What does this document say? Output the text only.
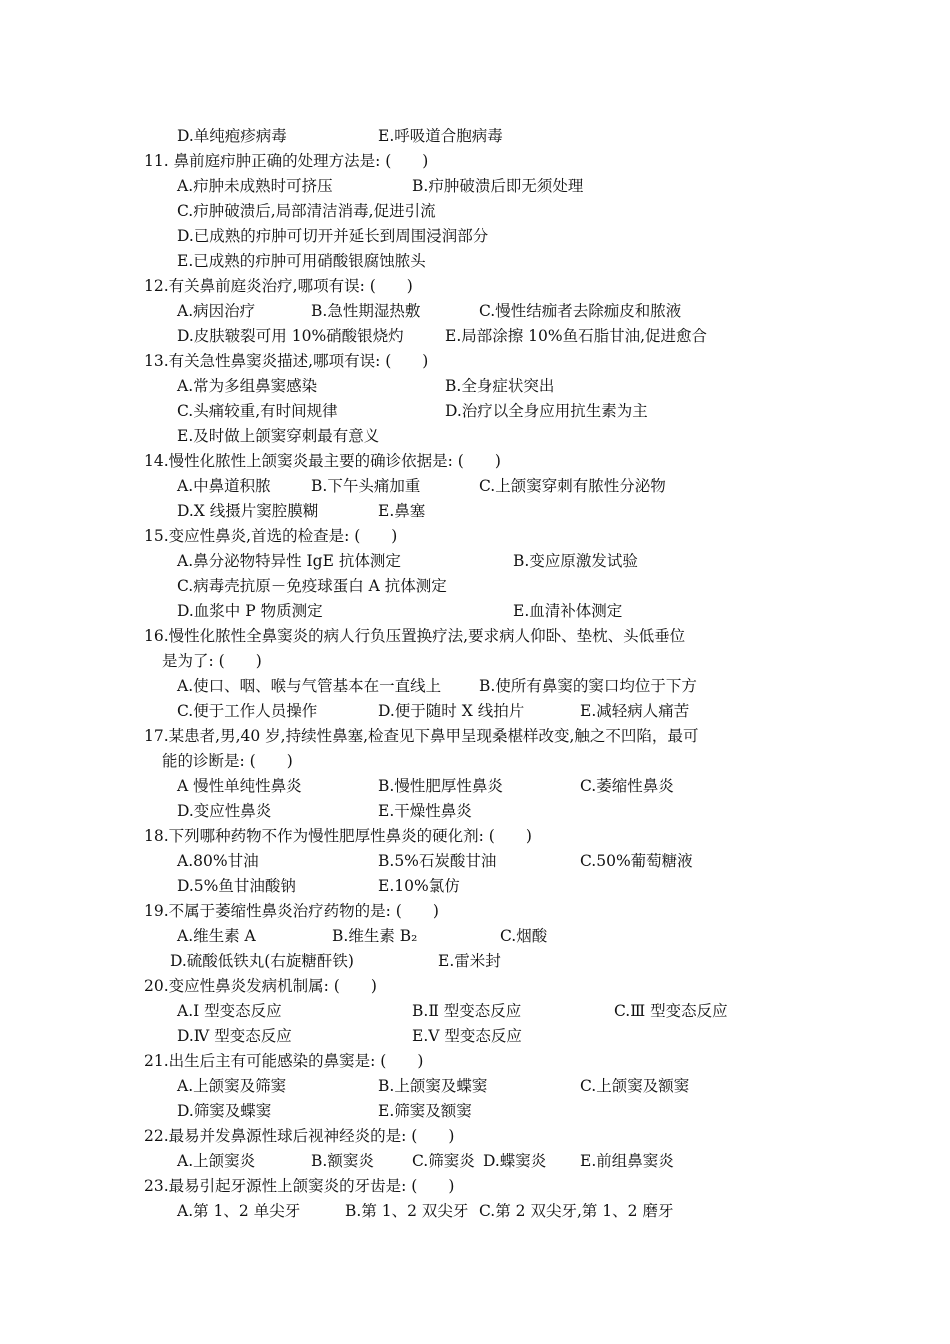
D.单纯疱疹病毒	E.呼吸道合胞病毒
11. 鼻前庭疖肿正确的处理方法是: (　　)
A.疖肿未成熟时可挤压	B.疖肿破溃后即无须处理
C.疖肿破溃后,局部清洁消毒,促进引流
D.已成熟的疖肿可切开并延长到周围浸润部分
E.已成熟的疖肿可用硝酸银腐蚀脓头
12.有关鼻前庭炎治疗,哪项有误: (　　)
A.病因治疗	B.急性期湿热敷	C.慢性结痂者去除痂皮和脓液
D.皮肤皲裂可用 10%硝酸银烧灼	E.局部涂擦 10%鱼石脂甘油,促进愈合
13.有关急性鼻窦炎描述,哪项有误: (　　)
A.常为多组鼻窦感染	B.全身症状突出
C.头痛较重,有时间规律	D.治疗以全身应用抗生素为主
E.及时做上颌窦穿刺最有意义
14.慢性化脓性上颌窦炎最主要的确诊依据是: (　　)
A.中鼻道积脓	B.下午头痛加重	C.上颌窦穿刺有脓性分泌物
D.X 线摄片窦腔膜糊	E.鼻塞
15.变应性鼻炎,首选的检查是: (　　)
A.鼻分泌物特异性 IgE 抗体测定	B.变应原激发试验
C.病毒壳抗原－免疫球蛋白 A 抗体测定
D.血浆中 P 物质测定	E.血清补体测定
16.慢性化脓性全鼻窦炎的病人行负压置换疗法,要求病人仰卧、垫枕、头低垂位
是为了: (　　)
A.使口、咽、喉与气管基本在一直线上 B.使所有鼻窦的窦口均位于下方
C.便于工作人员操作	D.便于随时 X 线拍片	E.减轻病人痛苦
17.某患者,男,40 岁,持续性鼻塞,检查见下鼻甲呈现桑椹样改变,触之不凹陷，最可
能的诊断是: (　　)
A 慢性单纯性鼻炎	B.慢性肥厚性鼻炎	C.萎缩性鼻炎
D.变应性鼻炎	E.干燥性鼻炎
18.下列哪种药物不作为慢性肥厚性鼻炎的硬化剂: (　　)
A.80%甘油	B.5%石炭酸甘油	C.50%葡萄糖液
D.5%鱼甘油酸钠	E.10%氯仿
19.不属于萎缩性鼻炎治疗药物的是: (　　)
A.维生素 A	B.维生素 B₂	C.烟酸
D.硫酸低铁丸(右旋糖酐铁)	E.雷米封
20.变应性鼻炎发病机制属: (　　)
A.Ⅰ 型变态反应	B.Ⅱ 型变态反应	C.Ⅲ 型变态反应
D.Ⅳ 型变态反应	E.Ⅴ 型变态反应
21.出生后主有可能感染的鼻窦是: (　　)
A.上颌窦及筛窦	B.上颌窦及蝶窦	C.上颌窦及额窦
D.筛窦及蝶窦	E.筛窦及额窦
22.最易并发鼻源性球后视神经炎的是: (　　)
A.上颌窦炎	B.额窦炎 C.筛窦炎 D.蝶窦炎 E.前组鼻窦炎
23.最易引起牙源性上颌窦炎的牙齿是: (　　)
A.第 1、2 单尖牙	B.第 1、2 双尖牙 C.第 2 双尖牙,第 1、2 磨牙
